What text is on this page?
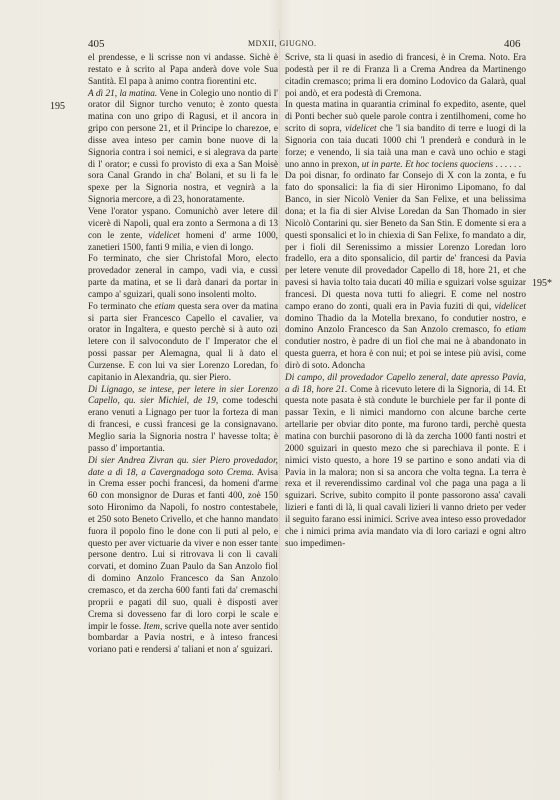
405	MDXII, GIUGNO.	406
195
195*

el prendesse, e li scrisse non vi andasse. Sichè è restato e à scrito al Papa anderà dove vole Sua Santità. El papa à animo contra fiorentini etc.

A dì 21, la matina. Vene in Colegio uno nontio di l' orator dil Signor turcho venuto; è zonto questa matina con uno gripo di Ragusi, et il ancora in gripo con persone 21, et il Principe lo charezoe, e disse avea inteso per camin bone nuove di la Signoria contra i soi nemici, e si alegrava da parte di l' orator; e cussì fo provisto di exa a San Moisè sora Canal Grando in cha' Bolani, et su li fa le spexe per la Signoria nostra, et vegnirà a la Signoria mercore, a dì 23, honoratamente.

Vene l'orator yspano. Comunichò aver letere dil vicerè di Napoli, qual era zonto a Sermona a dì 13 con le zente, videlicet homeni d' arme 1000, zanetieri 1500, fanti 9 milia, e vien di longo.

Fo terminato, che sier Christofal Moro, electo provedador zeneral in campo, vadi via, e cussì parte da matina, et se li darà danari da portar in campo a' sguizari, quali sono insolenti molto.

Fo terminato che etiam questa sera over da matina si parta sier Francesco Capello el cavalier, va orator in Ingaltera, e questo perchè si à auto ozi letere con il salvoconduto de l' Imperator che el possi passar per Alemagna, qual li à dato el Curzense. E con lui va sier Lorenzo Loredan, fo capitanio in Alexandria, qu. sier Piero.

Di Lignago, se intese, per letere in sier Lorenzo Capello, qu. sier Michiel, de 19, come todeschi erano venuti a Lignago per tuor la forteza di man di francesi, e cussì francesi ge la consignavano. Meglio saria la Signoria nostra l' havesse tolta; è passo d' importantia.

Di sier Andrea Zivran qu. sier Piero provedador, date a dì 18, a Cavergnadoga soto Crema. Avisa in Crema esser pochi francesi, da homeni d'arme 60 con monsignor de Duras et fanti 400, zoè 150 soto Hironimo da Napoli, fo nostro contestabele, et 250 soto Beneto Crivello, et che hanno mandato fuora il popolo fino le done con li puti al pelo, e questo per aver victuarie da viver e non esser tante persone dentro. Lui si ritrovava li con li cavali corvati, et domino Zuan Paulo da San Anzolo fiol di domino Anzolo Francesco da San Anzolo cremasco, et da zercha 600 fanti fati da' cremaschi proprii e pagati dil suo, quali è disposti aver Crema si dovesseno far di loro corpi le scale e impir le fosse. Item, scrive quella note aver sentido bombardar a Pavia nostri, e à inteso francesi voriano pati e rendersi a' taliani et non a' sguizari.

Scrive, sta li quasi in asedio di francesi, è in Crema. Noto. Era podestà per il re di Franza lì a Crema Andrea da Martinengo citadin cremasco; prima li era domino Lodovico da Galarà, qual poi andò, et era podestà di Cremona.

In questa matina in quarantia criminal fo expedito, asente, quel di Ponti becher suò quele parole contra i zentilhomeni, come ho scrito di sopra, videlicet che 'l sia bandito di terre e luogi di la Signoria con taia ducati 1000 chi 'l prenderà e condurà in le forze; e venendo, li sia taià una man e cavà uno ochio e stagi uno anno in prexon, ut in parte. Et hoc tociens quociens . . . . . .

Da poi disnar, fo ordinato far Consejo di X con la zonta, e fu fato do sponsalici: la fia di sier Hironimo Lipomano, fo dal Banco, in sier Nicolò Venier da San Felixe, et una belissima dona; et la fia di sier Alvise Loredan da San Thomado in sier Nicolò Contarini qu. sier Beneto da San Stin. E domente si era a questi sponsalici et lo in chiexia di San Felixe, fo mandato a dir, per i fioli dil Serenissimo a missier Lorenzo Loredan loro fradello, era a dito sponsalicio, dil partir de' francesi da Pavia per letere venute dil provedador Capello di 18, hore 21, et che pavesi si havia tolto taia ducati 40 milia e sguizari volse sguizar francesi. Di questa nova tutti fo aliegri. E come nel nostro campo erano do zonti, quali era in Pavia fuziti di qui, videlicet domino Thadio da la Motella brexano, fo condutier nostro, e domino Anzolo Francesco da San Anzolo cremasco, fo etiam condutier nostro, è padre di un fiol che mai ne à abandonato in questa guerra, et hora è con nui; et poi se intese più avisi, come dirò di soto. Adoncha

Di campo, dil provedador Capello zeneral, date apresso Pavia, a dì 18, hore 21. Come à ricevuto letere di la Signoria, di 14. Et questa note pasata è stà condute le burchiele per far il ponte di passar Texin, e li nimici mandorno con alcune barche certe artellarie per obviar dito ponte, ma furono tardi, perchè questa matina con burchii pasorono di là da zercha 1000 fanti nostri et 2000 sguizari in questo mezo che si parechiava il ponte. E i nimici visto questo, a hore 19 se partino e sono andati via di Pavia in la malora; non si sa ancora che volta tegna. La terra è rexa et il reverendissimo cardinal vol che paga una paga a li sguizari. Scrive, subito compito il ponte passorono assa' cavali lizieri e fanti di là, li qual cavali lizieri li vanno drieto per veder il seguito farano essi inimici. Scrive avea inteso esso provedador che i nimici prima avia mandato via di loro cariazi e ogni altro suo impedimen-
